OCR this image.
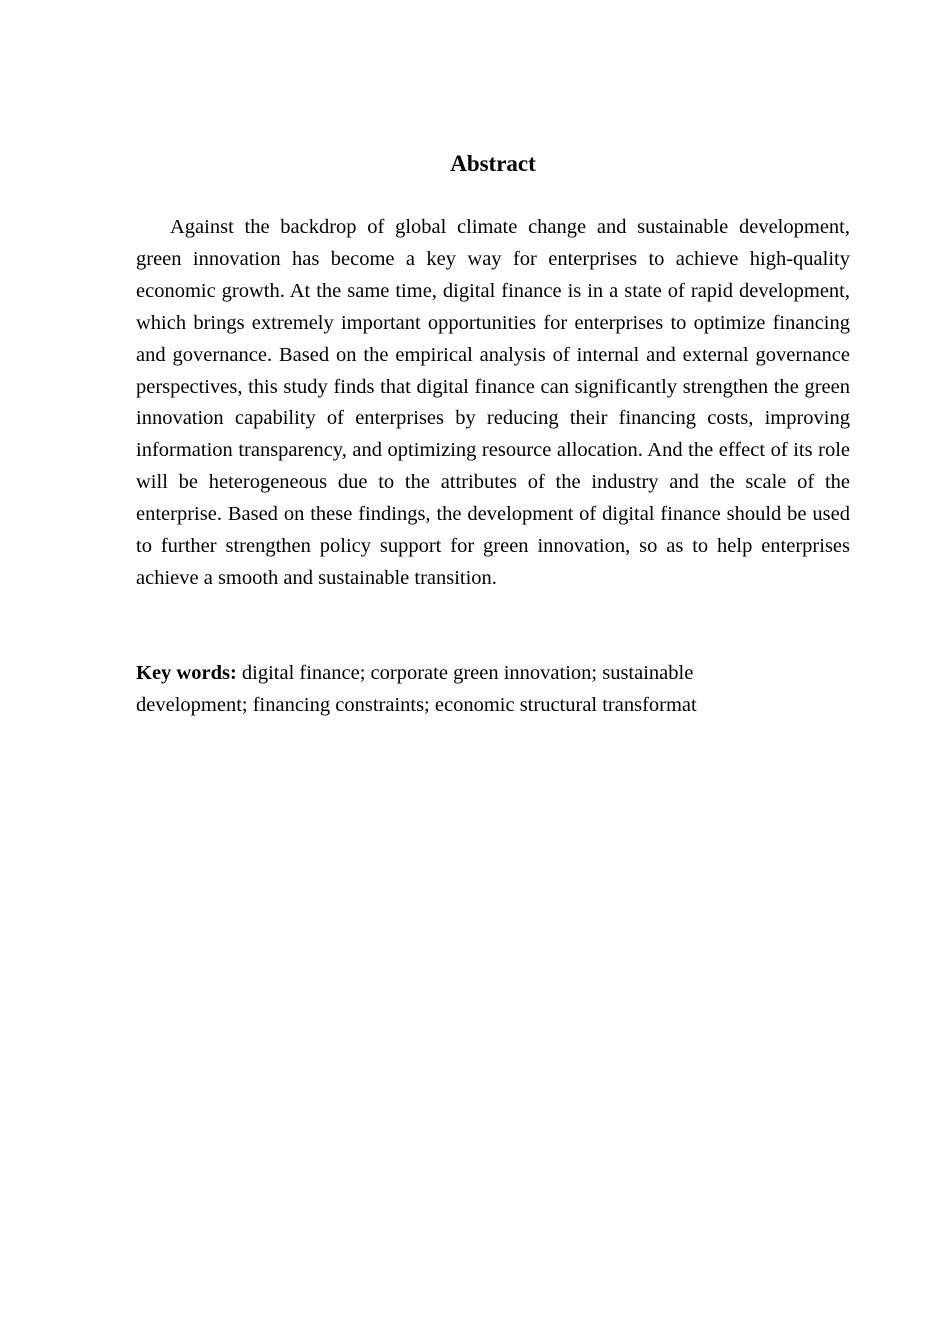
Abstract

Against the backdrop of global climate change and sustainable development, green innovation has become a key way for enterprises to achieve high-quality economic growth. At the same time, digital finance is in a state of rapid development, which brings extremely important opportunities for enterprises to optimize financing and governance. Based on the empirical analysis of internal and external governance perspectives, this study finds that digital finance can significantly strengthen the green innovation capability of enterprises by reducing their financing costs, improving information transparency, and optimizing resource allocation. And the effect of its role will be heterogeneous due to the attributes of the industry and the scale of the enterprise. Based on these findings, the development of digital finance should be used to further strengthen policy support for green innovation, so as to help enterprises achieve a smooth and sustainable transition.

Key words: digital finance; corporate green innovation; sustainable development; financing constraints; economic structural transformat
